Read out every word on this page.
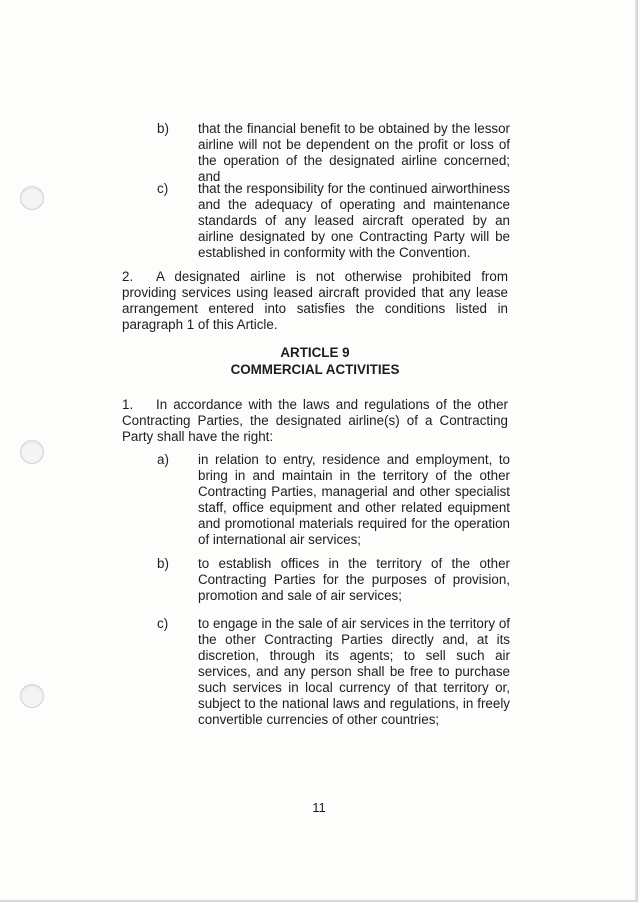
b) that the financial benefit to be obtained by the lessor airline will not be dependent on the profit or loss of the operation of the designated airline concerned; and
c) that the responsibility for the continued airworthiness and the adequacy of operating and maintenance standards of any leased aircraft operated by an airline designated by one Contracting Party will be established in conformity with the Convention.
2. A designated airline is not otherwise prohibited from providing services using leased aircraft provided that any lease arrangement entered into satisfies the conditions listed in paragraph 1 of this Article.
ARTICLE 9
COMMERCIAL ACTIVITIES
1. In accordance with the laws and regulations of the other Contracting Parties, the designated airline(s) of a Contracting Party shall have the right:
a) in relation to entry, residence and employment, to bring in and maintain in the territory of the other Contracting Parties, managerial and other specialist staff, office equipment and other related equipment and promotional materials required for the operation of international air services;
b) to establish offices in the territory of the other Contracting Parties for the purposes of provision, promotion and sale of air services;
c) to engage in the sale of air services in the territory of the other Contracting Parties directly and, at its discretion, through its agents; to sell such air services, and any person shall be free to purchase such services in local currency of that territory or, subject to the national laws and regulations, in freely convertible currencies of other countries;
11
